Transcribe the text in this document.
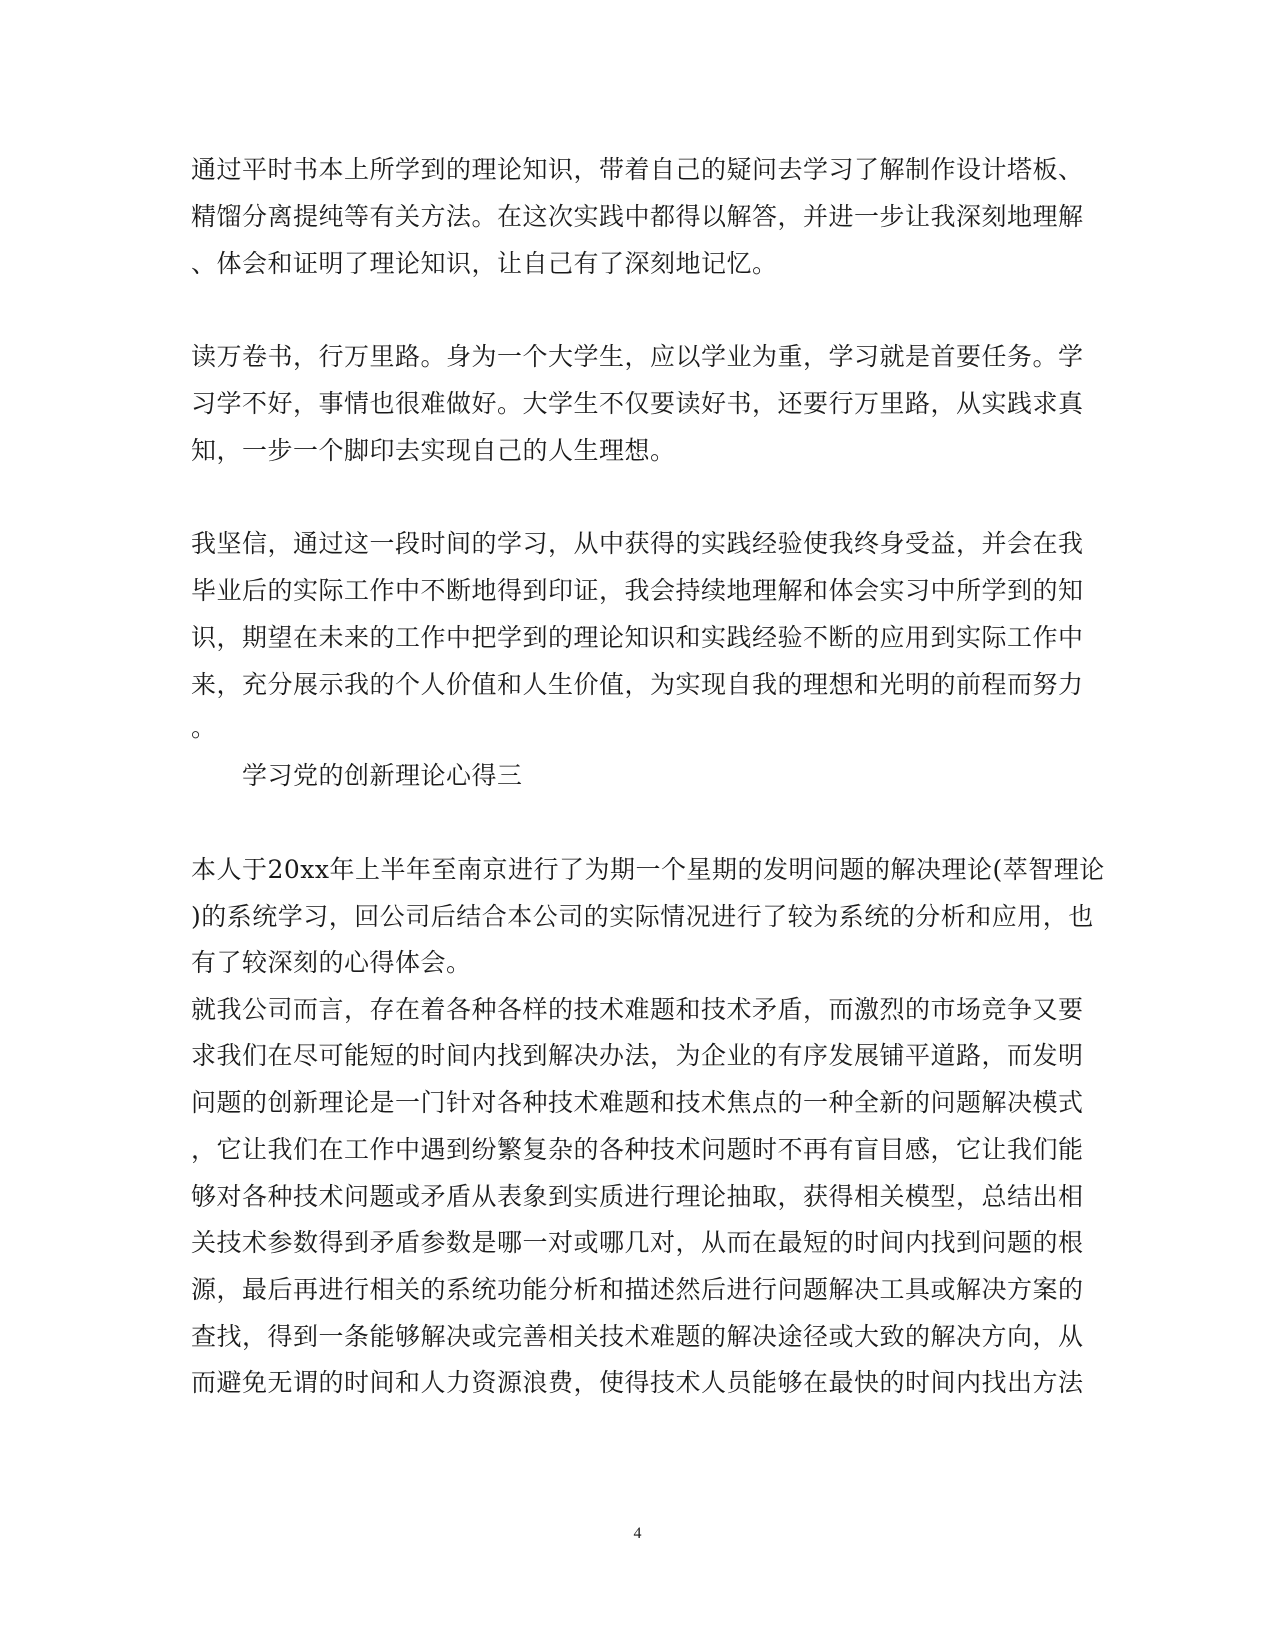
通过平时书本上所学到的理论知识，带着自己的疑问去学习了解制作设计塔板、
精馏分离提纯等有关方法。在这次实践中都得以解答，并进一步让我深刻地理解
、体会和证明了理论知识，让自己有了深刻地记忆。
读万卷书，行万里路。身为一个大学生，应以学业为重，学习就是首要任务。学
习学不好，事情也很难做好。大学生不仅要读好书，还要行万里路，从实践求真
知，一步一个脚印去实现自己的人生理想。
我坚信，通过这一段时间的学习，从中获得的实践经验使我终身受益，并会在我
毕业后的实际工作中不断地得到印证，我会持续地理解和体会实习中所学到的知
识，期望在未来的工作中把学到的理论知识和实践经验不断的应用到实际工作中
来，充分展示我的个人价值和人生价值，为实现自我的理想和光明的前程而努力
。
学习党的创新理论心得三
本人于20xx年上半年至南京进行了为期一个星期的发明问题的解决理论(萃智理论
)的系统学习，回公司后结合本公司的实际情况进行了较为系统的分析和应用，也
有了较深刻的心得体会。
就我公司而言，存在着各种各样的技术难题和技术矛盾，而激烈的市场竞争又要
求我们在尽可能短的时间内找到解决办法，为企业的有序发展铺平道路，而发明
问题的创新理论是一门针对各种技术难题和技术焦点的一种全新的问题解决模式
，它让我们在工作中遇到纷繁复杂的各种技术问题时不再有盲目感，它让我们能
够对各种技术问题或矛盾从表象到实质进行理论抽取，获得相关模型，总结出相
关技术参数得到矛盾参数是哪一对或哪几对，从而在最短的时间内找到问题的根
源，最后再进行相关的系统功能分析和描述然后进行问题解决工具或解决方案的
查找，得到一条能够解决或完善相关技术难题的解决途径或大致的解决方向，从
而避免无谓的时间和人力资源浪费，使得技术人员能够在最快的时间内找出方法
4
